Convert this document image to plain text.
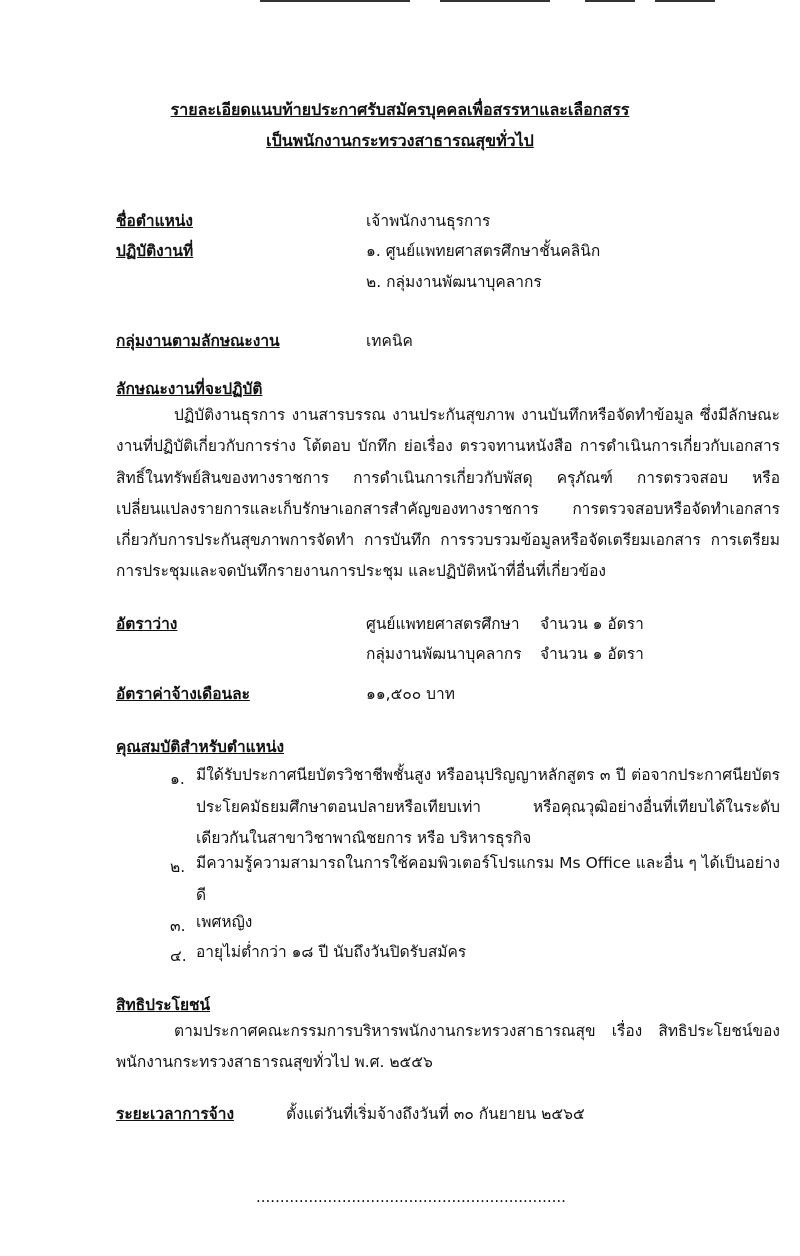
รายละเอียดแนบท้ายประกาศรับสมัครบุคคลเพื่อสรรหาและเลือกสรร
เป็นพนักงานกระทรวงสาธารณสุขทั่วไป
ชื่อตำแหน่ง	เจ้าพนักงานธุรการ
ปฏิบัติงานที่	๑. ศูนย์แพทยศาสตรศึกษาชั้นคลินิก
๒. กลุ่มงานพัฒนาบุคลากร
กลุ่มงานตามลักษณะงาน	เทคนิค
ลักษณะงานที่จะปฏิบัติ
ปฏิบัติงานธุรการ งานสารบรรณ งานประกันสุขภาพ งานบันทึกหรือจัดทำข้อมูล ซึ่งมีลักษณะงานที่ปฏิบัติเกี่ยวกับการร่าง โต้ตอบ บักทึก ย่อเรื่อง ตรวจทานหนังสือ การดำเนินการเกี่ยวกับเอกสารสิทธิ์ในทรัพย์สินของทางราชการ การดำเนินการเกี่ยวกับพัสดุ ครุภัณฑ์ การตรวจสอบ หรือเปลี่ยนแปลงรายการและเก็บรักษาเอกสารสำคัญของทางราชการ การตรวจสอบหรือจัดทำเอกสารเกี่ยวกับการประกันสุขภาพการจัดทำ การบันทึก การรวบรวมข้อมูลหรือจัดเตรียมเอกสาร การเตรียมการประชุมและจดบันทึกรายงานการประชุม และปฏิบัติหน้าที่อื่นที่เกี่ยวข้อง
อัตราว่าง	ศูนย์แพทยศาสตรศึกษา จำนวน ๑ อัตรา
กลุ่มงานพัฒนาบุคลากร จำนวน ๑ อัตรา
อัตราค่าจ้างเดือนละ	๑๑,๕๐๐ บาท
คุณสมบัติสำหรับตำแหน่ง
๑. มีใด้รับประกาศนียบัตรวิชาชีพชั้นสูง หรืออนุปริญญาหลักสูตร ๓ ปี ต่อจากประกาศนียบัตรประโยคมัธยมศึกษาตอนปลายหรือเทียบเท่า หรือคุณวุฒิอย่างอื่นที่เทียบได้ในระดับเดียวกันในสาขาวิชาพาณิชยการ หรือ บริหารธุรกิจ
๒. มีความรู้ความสามารถในการใช้คอมพิวเตอร์โปรแกรม Ms Office และอื่น ๆ ได้เป็นอย่างดี
๓. เพศหญิง
๔. อายุไม่ต่ำกว่า ๑๘ ปี นับถึงวันปิดรับสมัคร
สิทธิประโยชน์
ตามประกาศคณะกรรมการบริหารพนักงานกระทรวงสาธารณสุข เรื่อง สิทธิประโยชน์ของพนักงานกระทรวงสาธารณสุขทั่วไป พ.ศ. ๒๕๕๖
ระยะเวลาการจ้าง	ตั้งแต่วันที่เริ่มจ้างถึงวันที่ ๓๐ กันยายน ๒๕๖๕
.................................................................
